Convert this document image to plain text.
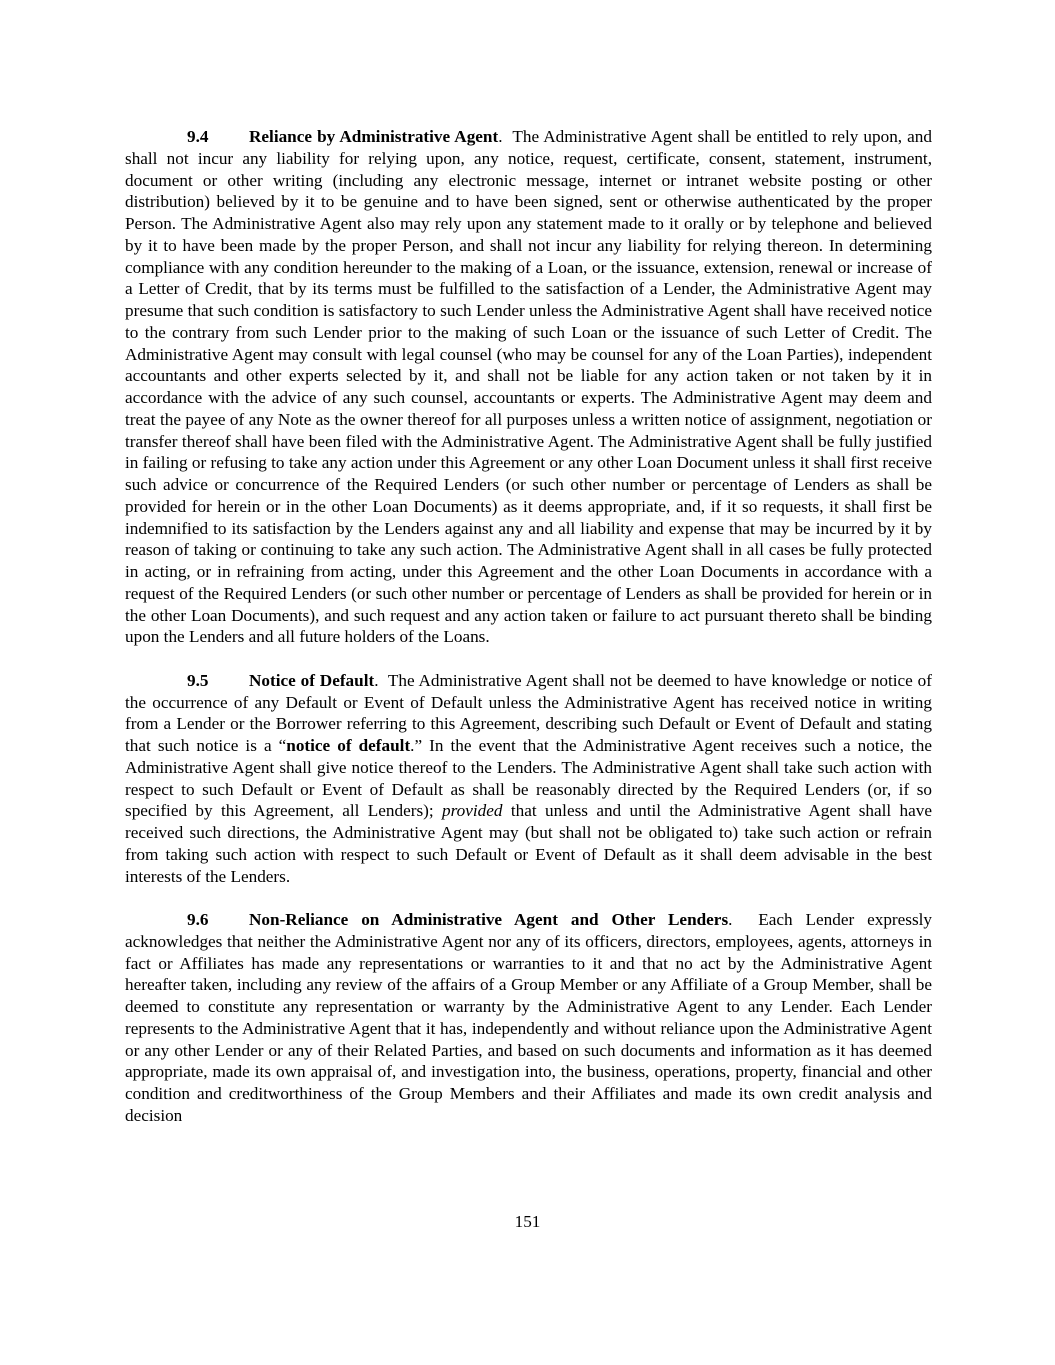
9.4 Reliance by Administrative Agent.  The Administrative Agent shall be entitled to rely upon, and shall not incur any liability for relying upon, any notice, request, certificate, consent, statement, instrument, document or other writing (including any electronic message, internet or intranet website posting or other distribution) believed by it to be genuine and to have been signed, sent or otherwise authenticated by the proper Person. The Administrative Agent also may rely upon any statement made to it orally or by telephone and believed by it to have been made by the proper Person, and shall not incur any liability for relying thereon. In determining compliance with any condition hereunder to the making of a Loan, or the issuance, extension, renewal or increase of a Letter of Credit, that by its terms must be fulfilled to the satisfaction of a Lender, the Administrative Agent may presume that such condition is satisfactory to such Lender unless the Administrative Agent shall have received notice to the contrary from such Lender prior to the making of such Loan or the issuance of such Letter of Credit. The Administrative Agent may consult with legal counsel (who may be counsel for any of the Loan Parties), independent accountants and other experts selected by it, and shall not be liable for any action taken or not taken by it in accordance with the advice of any such counsel, accountants or experts. The Administrative Agent may deem and treat the payee of any Note as the owner thereof for all purposes unless a written notice of assignment, negotiation or transfer thereof shall have been filed with the Administrative Agent. The Administrative Agent shall be fully justified in failing or refusing to take any action under this Agreement or any other Loan Document unless it shall first receive such advice or concurrence of the Required Lenders (or such other number or percentage of Lenders as shall be provided for herein or in the other Loan Documents) as it deems appropriate, and, if it so requests, it shall first be indemnified to its satisfaction by the Lenders against any and all liability and expense that may be incurred by it by reason of taking or continuing to take any such action. The Administrative Agent shall in all cases be fully protected in acting, or in refraining from acting, under this Agreement and the other Loan Documents in accordance with a request of the Required Lenders (or such other number or percentage of Lenders as shall be provided for herein or in the other Loan Documents), and such request and any action taken or failure to act pursuant thereto shall be binding upon the Lenders and all future holders of the Loans.

9.5 Notice of Default.  The Administrative Agent shall not be deemed to have knowledge or notice of the occurrence of any Default or Event of Default unless the Administrative Agent has received notice in writing from a Lender or the Borrower referring to this Agreement, describing such Default or Event of Default and stating that such notice is a “notice of default.” In the event that the Administrative Agent receives such a notice, the Administrative Agent shall give notice thereof to the Lenders. The Administrative Agent shall take such action with respect to such Default or Event of Default as shall be reasonably directed by the Required Lenders (or, if so specified by this Agreement, all Lenders); provided that unless and until the Administrative Agent shall have received such directions, the Administrative Agent may (but shall not be obligated to) take such action or refrain from taking such action with respect to such Default or Event of Default as it shall deem advisable in the best interests of the Lenders.

9.6 Non-Reliance on Administrative Agent and Other Lenders.  Each Lender expressly acknowledges that neither the Administrative Agent nor any of its officers, directors, employees, agents, attorneys in fact or Affiliates has made any representations or warranties to it and that no act by the Administrative Agent hereafter taken, including any review of the affairs of a Group Member or any Affiliate of a Group Member, shall be deemed to constitute any representation or warranty by the Administrative Agent to any Lender. Each Lender represents to the Administrative Agent that it has, independently and without reliance upon the Administrative Agent or any other Lender or any of their Related Parties, and based on such documents and information as it has deemed appropriate, made its own appraisal of, and investigation into, the business, operations, property, financial and other condition and creditworthiness of the Group Members and their Affiliates and made its own credit analysis and decision

151
